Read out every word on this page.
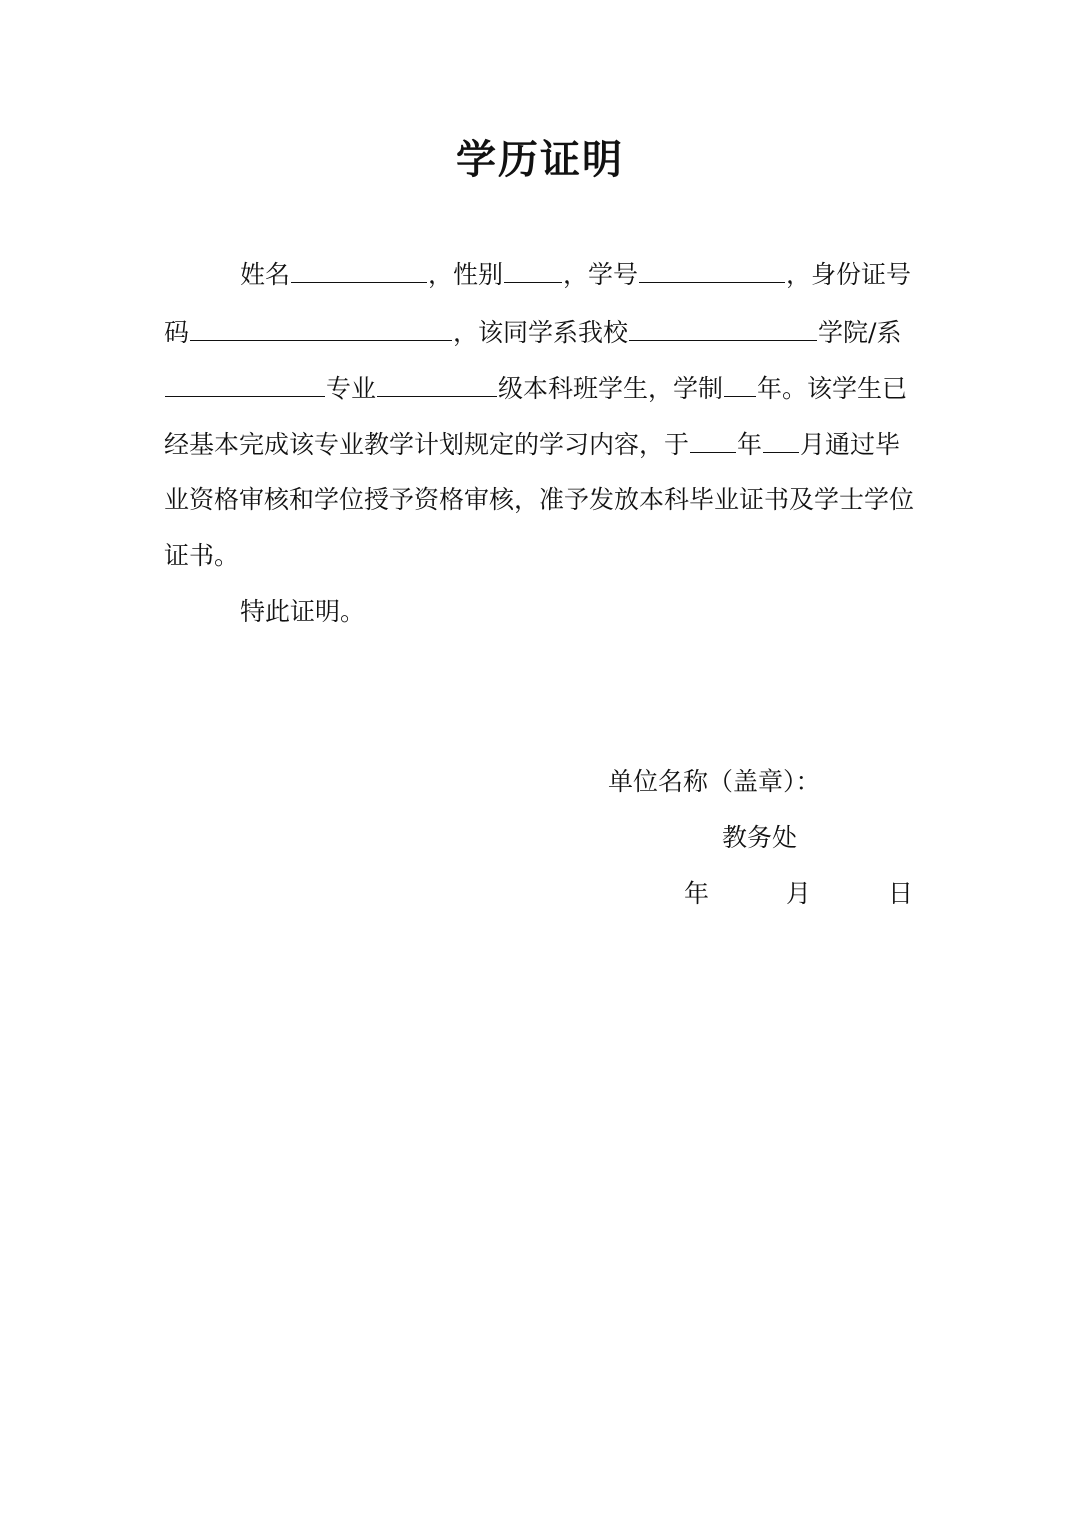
学历证明
姓名	，性别 ，学号	，身份证号
码	，该同学系我校	学院/系
专业	级本科班学生，学制 年。该学生已
经基本完成该专业教学计划规定的学习内容，于 年 月通过毕
业资格审核和学位授予资格审核，准予发放本科毕业证书及学士学位
证书。
特此证明。
单位名称（盖章）：
教务处
年	月	日
